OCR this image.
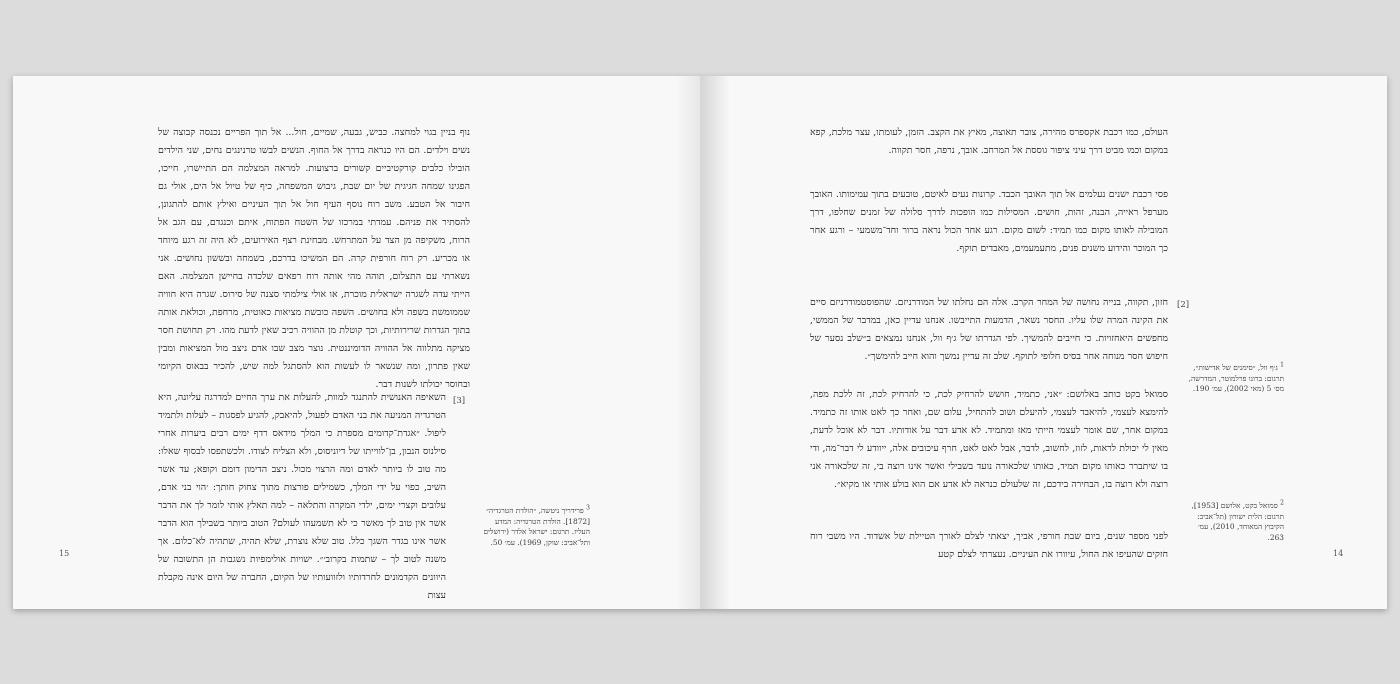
נוף בניין בגוי למחצה. כביש, גבעה, שמיים, חול... אל תוך הפריים נכנסה קבוצה של נשים וילדים. הם היו כנראה בדרך אל החוף. הנשים לבשו טרנינגים נחים, שני הילדים הובילו כלבים קורקטיביים קשורים ברצועות. למראה המצלמה הם התיישרו, חייכו, הפגינו שמחה חגיגית של יום שבת, גיבוש המשפחה, כיף של טיול אל הים, אולי גם חיבור אל הטבע. משב רוח נוסף העיף חול אל תוך העיניים ואילץ אותם להתגונן, להסתיר את פניהם. עמדתי במרכזו של השטח הפתוח, איתם וכנגדם, עם הגב אל הרוח, משקיפה מן הצד על המתרחש. מבחינת רצף האירועים, לא היה זה רגע מיוחד או מכריע. רק רוח חורפית קרה. הם המשיכו בדרכם, בשמחה ובששון נחושים. אני נשארתי עם התצלום, תוהה מהי אותה רוח רפאים שלכדה בחיישן המצלמה. האם הייתי עדה לשגרה ישראלית מוכרת, או אולי צילמתי סצנה של סירוס. שגרה היא חוויה שממומשת בשפה ולא בחושים. השפה כובשת מציאות כאוטית, מרחפת, וכולאת אותה בתוך הגדרות שרירותיות, וכך קוטלת מן ההוויה רכיב שאין לדעת מהו. רק תחושת חסר מציקה מתלווה אל ההוויה הדומיננטית. נוצר מצב שבו אדם ניצב מול המציאות ומבין שאין פתרון, ומה שנשאר לו לעשות הוא להסתגל למה שיש, להכיר בבאוס הקיומי ובחוסר יכולתו לשנות דבר.

[3]

השאיפה האנושית להתנגד למוות, להעלות את ערך החיים למדרגה עליונה, היא הטרגדיה המניעה את בני האדם לפעול, להיאבק, להגיע לפסגות – לעלות ולתמיד ליפול. ״אגדת־קדומים מספרת כי המלך מידאס רדף ימים רבים ביערות אחרי סילנוס הנבון, בן־לווייתו של דיוניסוס, ולא הצליח לצודו. ולכשתפסו לבסוף שאלו: מה טוב לו ביותר לאדם ומה הרצוי מכול. ניצב הדימון דומם וקופא; עד אשר השיב, כפוי על ידי המלך, כשמילים פורצות מתוך צחוק חותך: ׳הוי בני אדם, עלובים וקצרי ימים, ילדי המקרה והתלאה – למה תאלץ אותי לומר לך את הדבר אשר אין טוב לך מאשר כי לא תשמעהו לעולם? הטוב ביותר בשבילך הוא הדבר אשר אינו בגדר השגך כלל. טוב שלא נוצרת, שלא תהיה, שתהיה לא־כלום. אך משנה לטוב לך – שתמות בקרוב׳״. ישויות אולימפיות נשגבות הן התשובה של היוונים הקדמונים לחרדותיו ולזוועותיו של הקיום, החברה של היום אינה מקבלת עצות

$^3$ פרידריך ניטשה, ״הולדת הטרגדיה״ [1872]. הולדת הטרגדיה: המדע העליז. תרגום: ישראל אלדר (ירושלים ותל־אביב: שוקן, 1969). עמ׳ 50.
15

העולם, כמו רכבת אקספרס מהירה, צובר תאוצה, מאיץ את הקצב. הזמן, לעומתו, עצר מלכת, קפא במקום וכמו מביט דרך עיני ציפור גוססת אל המרחב. אובך, נרפה, חסר תקווה.

פסי רכבת ישנים נעלמים אל תוך האובך הכבד. קרונות נעים לאיטם, טובעים בתוך עמימותו. האובך מערפל ראייה, הבנה, זהות, חושים. המסילות כמו הופכות לדרך סלולה של זמנים שחלפו, דרך המובילה לאותו מקום כמו תמיד: לשום מקום. רגע אחד הכול נראה ברור וחד־משמעי – ורגע אחר כך המוכר והידוע משנים פנים, מתעמעמים, מאבדים תוקף.

[2]

חזון, תקווה, בנייה נחושה של המחר הקרב. אלה הם נחלתו של המודרניזם. שהפוסטמודרניזם סיים את הקינה המרה שלו עליו. החסר נשאר, הדמעות התייבשו. אנחנו עדיין כאן, במדבר של הממשי, מחפשים היאחזויות. כי חייבים להמשיך. לפי הגדרתו של ג׳ף וול, אנחנו נמצאים ב״שלב נסער של חיפוש חסר מנוחה אחר בסיס חלופי לתוקף. שלב זה עדיין נמשך והוא חייב להימשך״.

סמואל בקט כותב באלושם: ״אני, כתמיד, חושש להרחיק לכת, כי להרחיק לכת, זה ללכת מפה, להימצא לעצמי, להיאבד לעצמי, להיעלם ושוב להתחיל, עלום שם, ואחר כך לאט אותו זה כתמיד. במקום אחר, שם אומר לעצמי הייתי מאז ומתמיד. לא אדע דבר על אודותיו. דבר לא אוכל לדעת, מאין לי יכולת לראות, לזוז, לחשוב, לדבר, אבל לאט לאט, חרף עיכובים אלה, ייוודע לי דבר־מה, ודי בו שיתברר כאותו מקום תמיד, כאותו שלכאורה נועד בשבילי ואשר אינו רוצה בי, זה שלכאורה אני רוצה ולא רוצה בו, הבחירה בידכם, זה שלעולם כנראה לא אדע אם הוא בולע אותי או מקיא״.

לפני מספר שנים, ביום שבת חורפי, אביך, יצאתי לצלם לאורך הטיילת של אשדוד. היו משבי רוח חזקים שהעיפו את החול, עיוורו את העיניים. נעצרתי לצלם קטע

$^1$ ג׳ף וול, ״סימנים של אדישות״, תרגום: ברונו פרלמוטר, המדרשה, מס׳ 5 (מאי 2002), עמ׳ 190.
$^2$ סמואל בקט, אלושם [1953], תרגום: הלית ישורון (תל־אביב: הקיבוץ המאוחד, 2010), עמ׳ 263.
14
